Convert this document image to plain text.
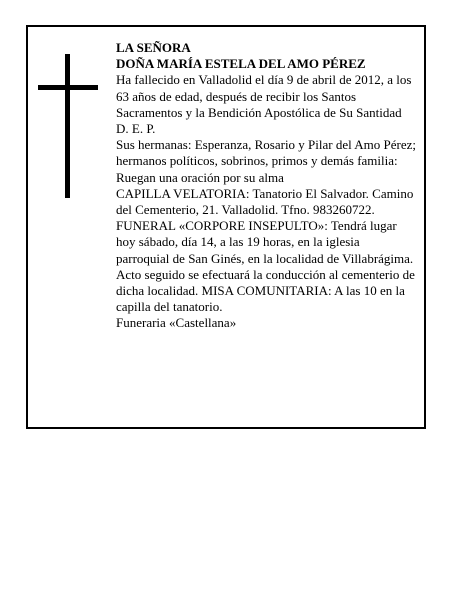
LA SEÑORA
DOÑA MARÍA ESTELA DEL AMO PÉREZ

Ha fallecido en Valladolid el día 9 de abril de 2012, a los 63 años de edad, después de recibir los Santos Sacramentos y la Bendición Apostólica de Su Santidad D. E. P.

Sus hermanas: Esperanza, Rosario y Pilar del Amo Pérez; hermanos políticos, sobrinos, primos y demás familia:

Ruegan una oración por su alma

CAPILLA VELATORIA: Tanatorio El Salvador. Camino del Cementerio, 21. Valladolid. Tfno. 983260722.

FUNERAL «CORPORE INSEPULTO»: Tendrá lugar hoy sábado, día 14, a las 19 horas, en la iglesia parroquial de San Ginés, en la localidad de Villabrágima. Acto seguido se efectuará la conducción al cementerio de dicha localidad. MISA COMUNITARIA: A las 10 en la capilla del tanatorio.

Funeraria «Castellana»
